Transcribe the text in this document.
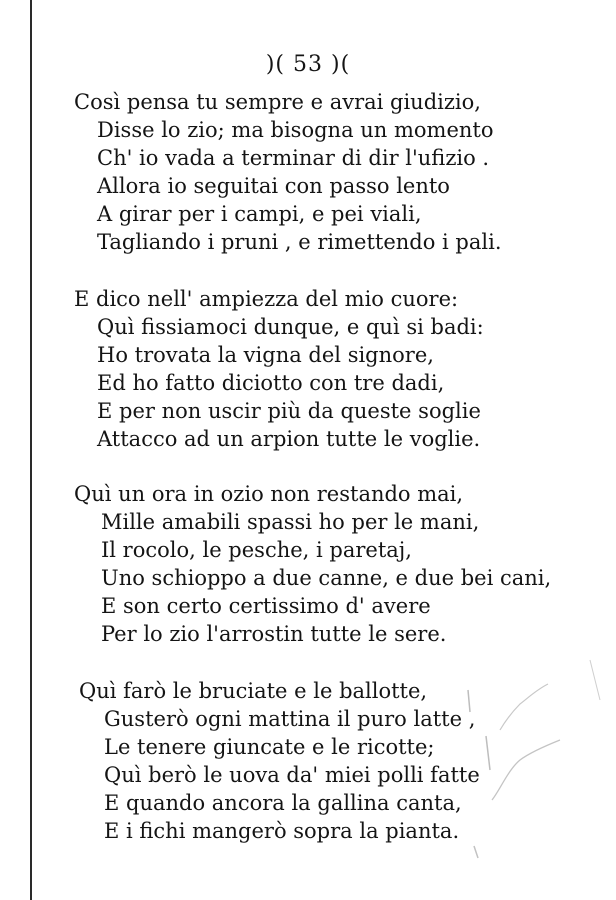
)( 53 )(
Così pensa tu sempre e avrai giudizio,
Disse lo zio; ma bisogna un momento
Ch' io vada a terminar di dir l'ufizio .
Allora io seguitai con passo lento
A girar per i campi, e pei viali,
Tagliando i pruni , e rimettendo i pali.
E dico nell' ampiezza del mio cuore:
Quì fissiamoci dunque, e quì si badi:
Ho trovata la vigna del signore,
Ed ho fatto diciotto con tre dadi,
E per non uscir più da queste soglie
Attacco ad un arpion tutte le voglie.
Quì un ora in ozio non restando mai,
Mille amabili spassi ho per le mani,
Il rocolo, le pesche, i paretaj,
Uno schioppo a due canne, e due bei cani,
E son certo certissimo d' avere
Per lo zio l'arrostin tutte le sere.
Quì farò le bruciate e le ballotte,
Gusterò ogni mattina il puro latte ,
Le tenere giuncate e le ricotte;
Quì berò le uova da' miei polli fatte
E quando ancora la gallina canta,
E i fichi mangerò sopra la pianta.
